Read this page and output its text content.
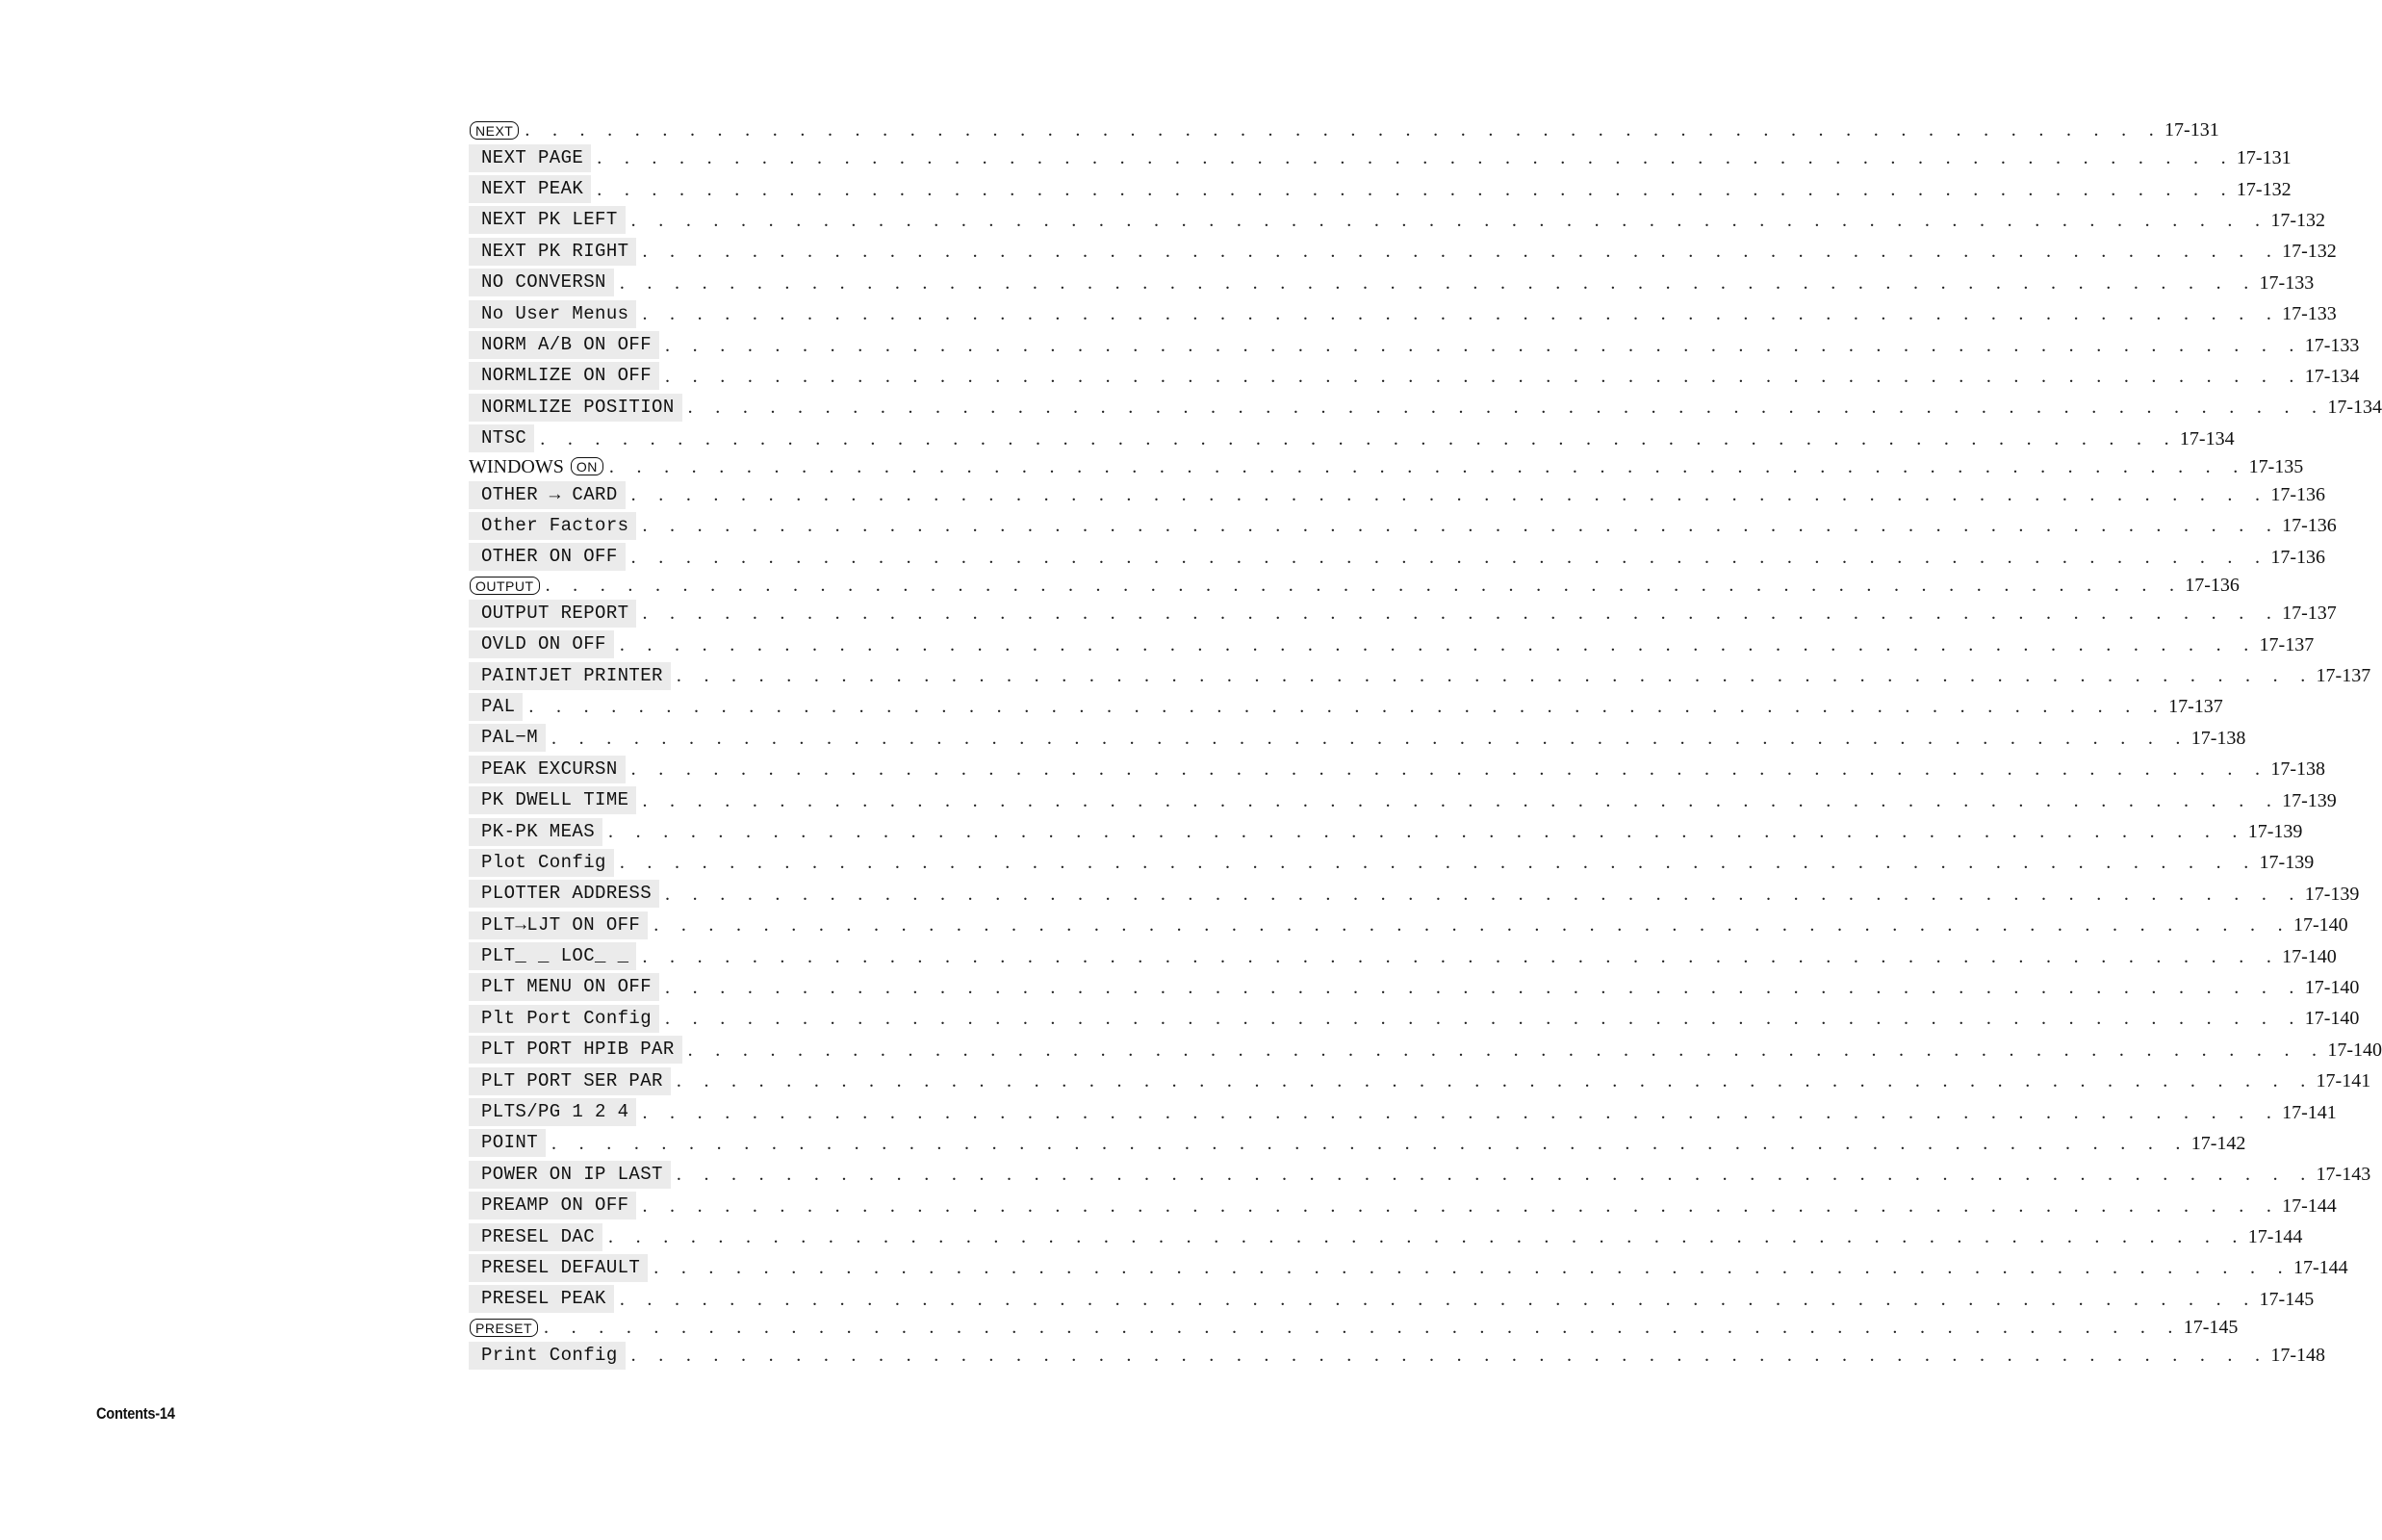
NEXT . . . . . . . . . . . . . . . . . . . . . . . . . . . . . . . . . . . . . . . . . . . . . . . . . . . . . . . . . . . . 17-131
NEXT PAGE . . . . . . . . . . . . . . . . . . . . . . . . . . . . . . . . . . . . . . . . . . . . . . . . . . . . . . . . . . . . 17-131
NEXT PEAK . . . . . . . . . . . . . . . . . . . . . . . . . . . . . . . . . . . . . . . . . . . . . . . . . . . . . . . . . . . . 17-132
NEXT PK LEFT . . . . . . . . . . . . . . . . . . . . . . . . . . . . . . . . . . . . . . . . . . . . . . . . . . . . . . . . . . . . 17-132
NEXT PK RIGHT . . . . . . . . . . . . . . . . . . . . . . . . . . . . . . . . . . . . . . . . . . . . . . . . . . . . . . . . . . . . 17-132
NO CONVERSN . . . . . . . . . . . . . . . . . . . . . . . . . . . . . . . . . . . . . . . . . . . . . . . . . . . . . . . . . . . . 17-133
No User Menus . . . . . . . . . . . . . . . . . . . . . . . . . . . . . . . . . . . . . . . . . . . . . . . . . . . . . . . . . . . . 17-133
NORM A/B ON OFF . . . . . . . . . . . . . . . . . . . . . . . . . . . . . . . . . . . . . . . . . . . . . . . . . . . . . . . . . . . . 17-133
NORMLIZE ON OFF . . . . . . . . . . . . . . . . . . . . . . . . . . . . . . . . . . . . . . . . . . . . . . . . . . . . . . . . . . . . 17-134
NORMLIZE POSITION . . . . . . . . . . . . . . . . . . . . . . . . . . . . . . . . . . . . . . . . . . . . . . . . . . . . . . . . . . . . 17-134
NTSC . . . . . . . . . . . . . . . . . . . . . . . . . . . . . . . . . . . . . . . . . . . . . . . . . . . . . . . . . . . . 17-134
WINDOWS ON . . . . . . . . . . . . . . . . . . . . . . . . . . . . . . . . . . . . . . . . . . . . . . . . . . . . . . . . . . . . 17-135
OTHER → CARD . . . . . . . . . . . . . . . . . . . . . . . . . . . . . . . . . . . . . . . . . . . . . . . . . . . . . . . . . . . . 17-136
Other Factors . . . . . . . . . . . . . . . . . . . . . . . . . . . . . . . . . . . . . . . . . . . . . . . . . . . . . . . . . . . . 17-136
OTHER ON OFF . . . . . . . . . . . . . . . . . . . . . . . . . . . . . . . . . . . . . . . . . . . . . . . . . . . . . . . . . . . . 17-136
OUTPUT . . . . . . . . . . . . . . . . . . . . . . . . . . . . . . . . . . . . . . . . . . . . . . . . . . . . . . . . . . . . 17-136
OUTPUT REPORT . . . . . . . . . . . . . . . . . . . . . . . . . . . . . . . . . . . . . . . . . . . . . . . . . . . . . . . . . . . . 17-137
OVLD ON OFF . . . . . . . . . . . . . . . . . . . . . . . . . . . . . . . . . . . . . . . . . . . . . . . . . . . . . . . . . . . . 17-137
PAINTJET PRINTER . . . . . . . . . . . . . . . . . . . . . . . . . . . . . . . . . . . . . . . . . . . . . . . . . . . . . . . . . . . . 17-137
PAL . . . . . . . . . . . . . . . . . . . . . . . . . . . . . . . . . . . . . . . . . . . . . . . . . . . . . . . . . . . . 17-137
PAL−M . . . . . . . . . . . . . . . . . . . . . . . . . . . . . . . . . . . . . . . . . . . . . . . . . . . . . . . . . . . . 17-138
PEAK EXCURSN . . . . . . . . . . . . . . . . . . . . . . . . . . . . . . . . . . . . . . . . . . . . . . . . . . . . . . . . . . . . 17-138
PK DWELL TIME . . . . . . . . . . . . . . . . . . . . . . . . . . . . . . . . . . . . . . . . . . . . . . . . . . . . . . . . . . . . 17-139
PK-PK MEAS . . . . . . . . . . . . . . . . . . . . . . . . . . . . . . . . . . . . . . . . . . . . . . . . . . . . . . . . . . . . 17-139
Plot Config . . . . . . . . . . . . . . . . . . . . . . . . . . . . . . . . . . . . . . . . . . . . . . . . . . . . . . . . . . . . 17-139
PLOTTER ADDRESS . . . . . . . . . . . . . . . . . . . . . . . . . . . . . . . . . . . . . . . . . . . . . . . . . . . . . . . . . . . . 17-139
PLT→LJT ON OFF . . . . . . . . . . . . . . . . . . . . . . . . . . . . . . . . . . . . . . . . . . . . . . . . . . . . . . . . . . . . 17-140
PLT_ _ LOC_ _ . . . . . . . . . . . . . . . . . . . . . . . . . . . . . . . . . . . . . . . . . . . . . . . . . . . . . . . . . . . . 17-140
PLT MENU ON OFF . . . . . . . . . . . . . . . . . . . . . . . . . . . . . . . . . . . . . . . . . . . . . . . . . . . . . . . . . . . . 17-140
Plt Port Config . . . . . . . . . . . . . . . . . . . . . . . . . . . . . . . . . . . . . . . . . . . . . . . . . . . . . . . . . . . . 17-140
PLT PORT HPIB PAR . . . . . . . . . . . . . . . . . . . . . . . . . . . . . . . . . . . . . . . . . . . . . . . . . . . . . . . . . . . . 17-140
PLT PORT SER PAR . . . . . . . . . . . . . . . . . . . . . . . . . . . . . . . . . . . . . . . . . . . . . . . . . . . . . . . . . . . . 17-141
PLTS/PG 1 2 4 . . . . . . . . . . . . . . . . . . . . . . . . . . . . . . . . . . . . . . . . . . . . . . . . . . . . . . . . . . . . 17-141
POINT . . . . . . . . . . . . . . . . . . . . . . . . . . . . . . . . . . . . . . . . . . . . . . . . . . . . . . . . . . . . 17-142
POWER ON IP LAST . . . . . . . . . . . . . . . . . . . . . . . . . . . . . . . . . . . . . . . . . . . . . . . . . . . . . . . . . . . . 17-143
PREAMP ON OFF . . . . . . . . . . . . . . . . . . . . . . . . . . . . . . . . . . . . . . . . . . . . . . . . . . . . . . . . . . . . 17-144
PRESEL DAC . . . . . . . . . . . . . . . . . . . . . . . . . . . . . . . . . . . . . . . . . . . . . . . . . . . . . . . . . . . . 17-144
PRESEL DEFAULT . . . . . . . . . . . . . . . . . . . . . . . . . . . . . . . . . . . . . . . . . . . . . . . . . . . . . . . . . . . . 17-144
PRESEL PEAK . . . . . . . . . . . . . . . . . . . . . . . . . . . . . . . . . . . . . . . . . . . . . . . . . . . . . . . . . . . . 17-145
PRESET . . . . . . . . . . . . . . . . . . . . . . . . . . . . . . . . . . . . . . . . . . . . . . . . . . . . . . . . . . . . 17-145
Print Config . . . . . . . . . . . . . . . . . . . . . . . . . . . . . . . . . . . . . . . . . . . . . . . . . . . . . . . . . . . . 17-148
Contents-14
